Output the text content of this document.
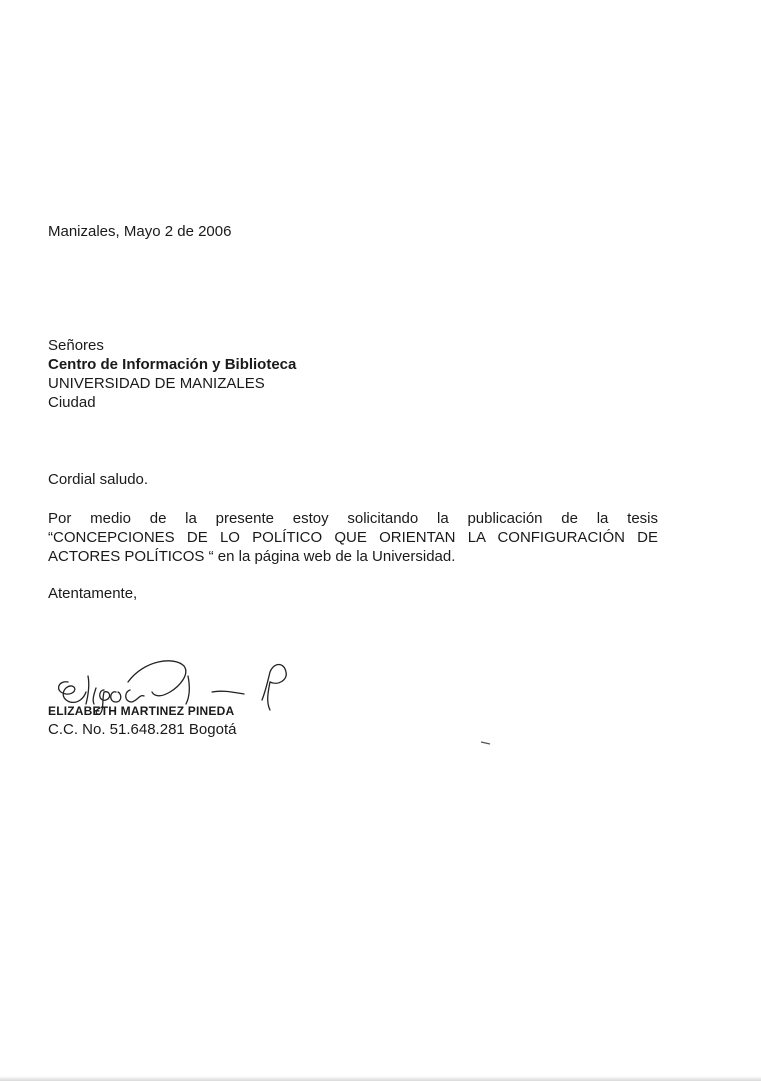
Manizales, Mayo 2 de 2006
Señores
Centro de Información y Biblioteca
UNIVERSIDAD DE MANIZALES
Ciudad
Cordial saludo.
Por medio de la presente estoy solicitando la publicación de la tesis
“CONCEPCIONES DE LO POLÍTICO QUE ORIENTAN LA CONFIGURACIÓN DE
ACTORES POLÍTICOS “ en la página web de la Universidad.
Atentamente,
ELIZABETH MARTINEZ PINEDA
C.C. No. 51.648.281 Bogotá
